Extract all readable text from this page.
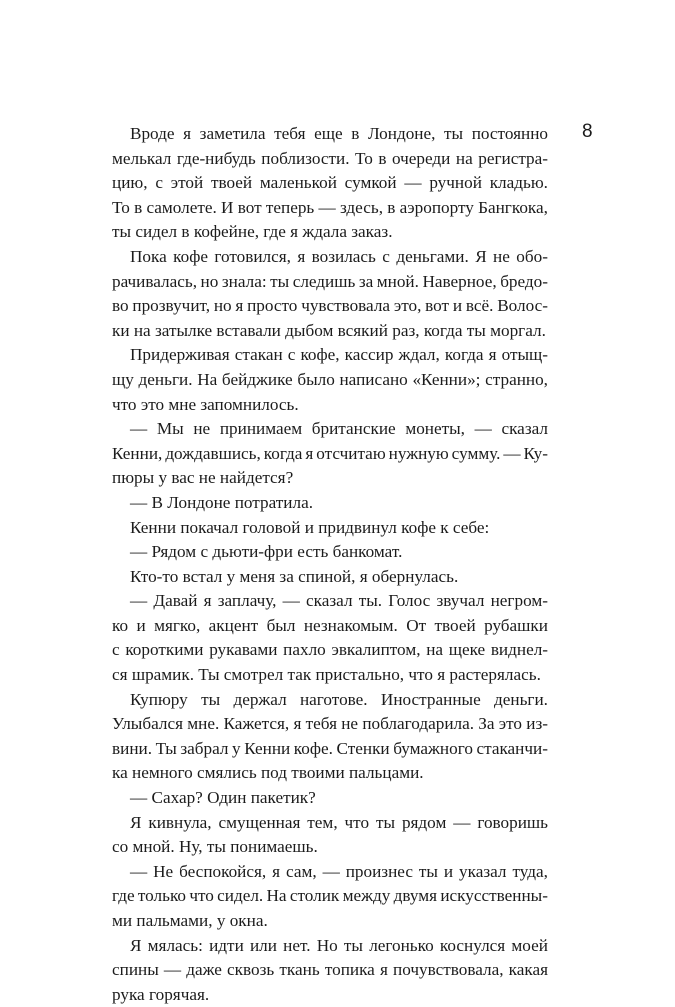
8
Вроде я заметила тебя еще в Лондоне, ты постоянно
мелькал где-нибудь поблизости. То в очереди на регистра-
цию, с этой твоей маленькой сумкой — ручной кладью.
То в самолете. И вот теперь — здесь, в аэропорту Бангкока,
ты сидел в кофейне, где я ждала заказ.
Пока кофе готовился, я возилась с деньгами. Я не обо-
рачивалась, но знала: ты следишь за мной. Наверное, бредо-
во прозвучит, но я просто чувствовала это, вот и всё. Волос-
ки на затылке вставали дыбом всякий раз, когда ты моргал.
Придерживая стакан с кофе, кассир ждал, когда я отыщ-
щу деньги. На бейджике было написано «Кенни»; странно,
что это мне запомнилось.
— Мы не принимаем британские монеты, — сказал
Кенни, дождавшись, когда я отсчитаю нужную сумму. — Ку-
пюры у вас не найдется?
— В Лондоне потратила.
Кенни покачал головой и придвинул кофе к себе:
— Рядом с дьюти-фри есть банкомат.
Кто-то встал у меня за спиной, я обернулась.
— Давай я заплачу, — сказал ты. Голос звучал негром-
ко и мягко, акцент был незнакомым. От твоей рубашки
с короткими рукавами пахло эвкалиптом, на щеке виднел-
ся шрамик. Ты смотрел так пристально, что я растерялась.
Купюру ты держал наготове. Иностранные деньги.
Улыбался мне. Кажется, я тебя не поблагодарила. За это из-
вини. Ты забрал у Кенни кофе. Стенки бумажного стаканчи-
ка немного смялись под твоими пальцами.
— Сахар? Один пакетик?
Я кивнула, смущенная тем, что ты рядом — говоришь
со мной. Ну, ты понимаешь.
— Не беспокойся, я сам, — произнес ты и указал туда,
где только что сидел. На столик между двумя искусственны-
ми пальмами, у окна.
Я мялась: идти или нет. Но ты легонько коснулся моей
спины — даже сквозь ткань топика я почувствовала, какая
рука горячая.
